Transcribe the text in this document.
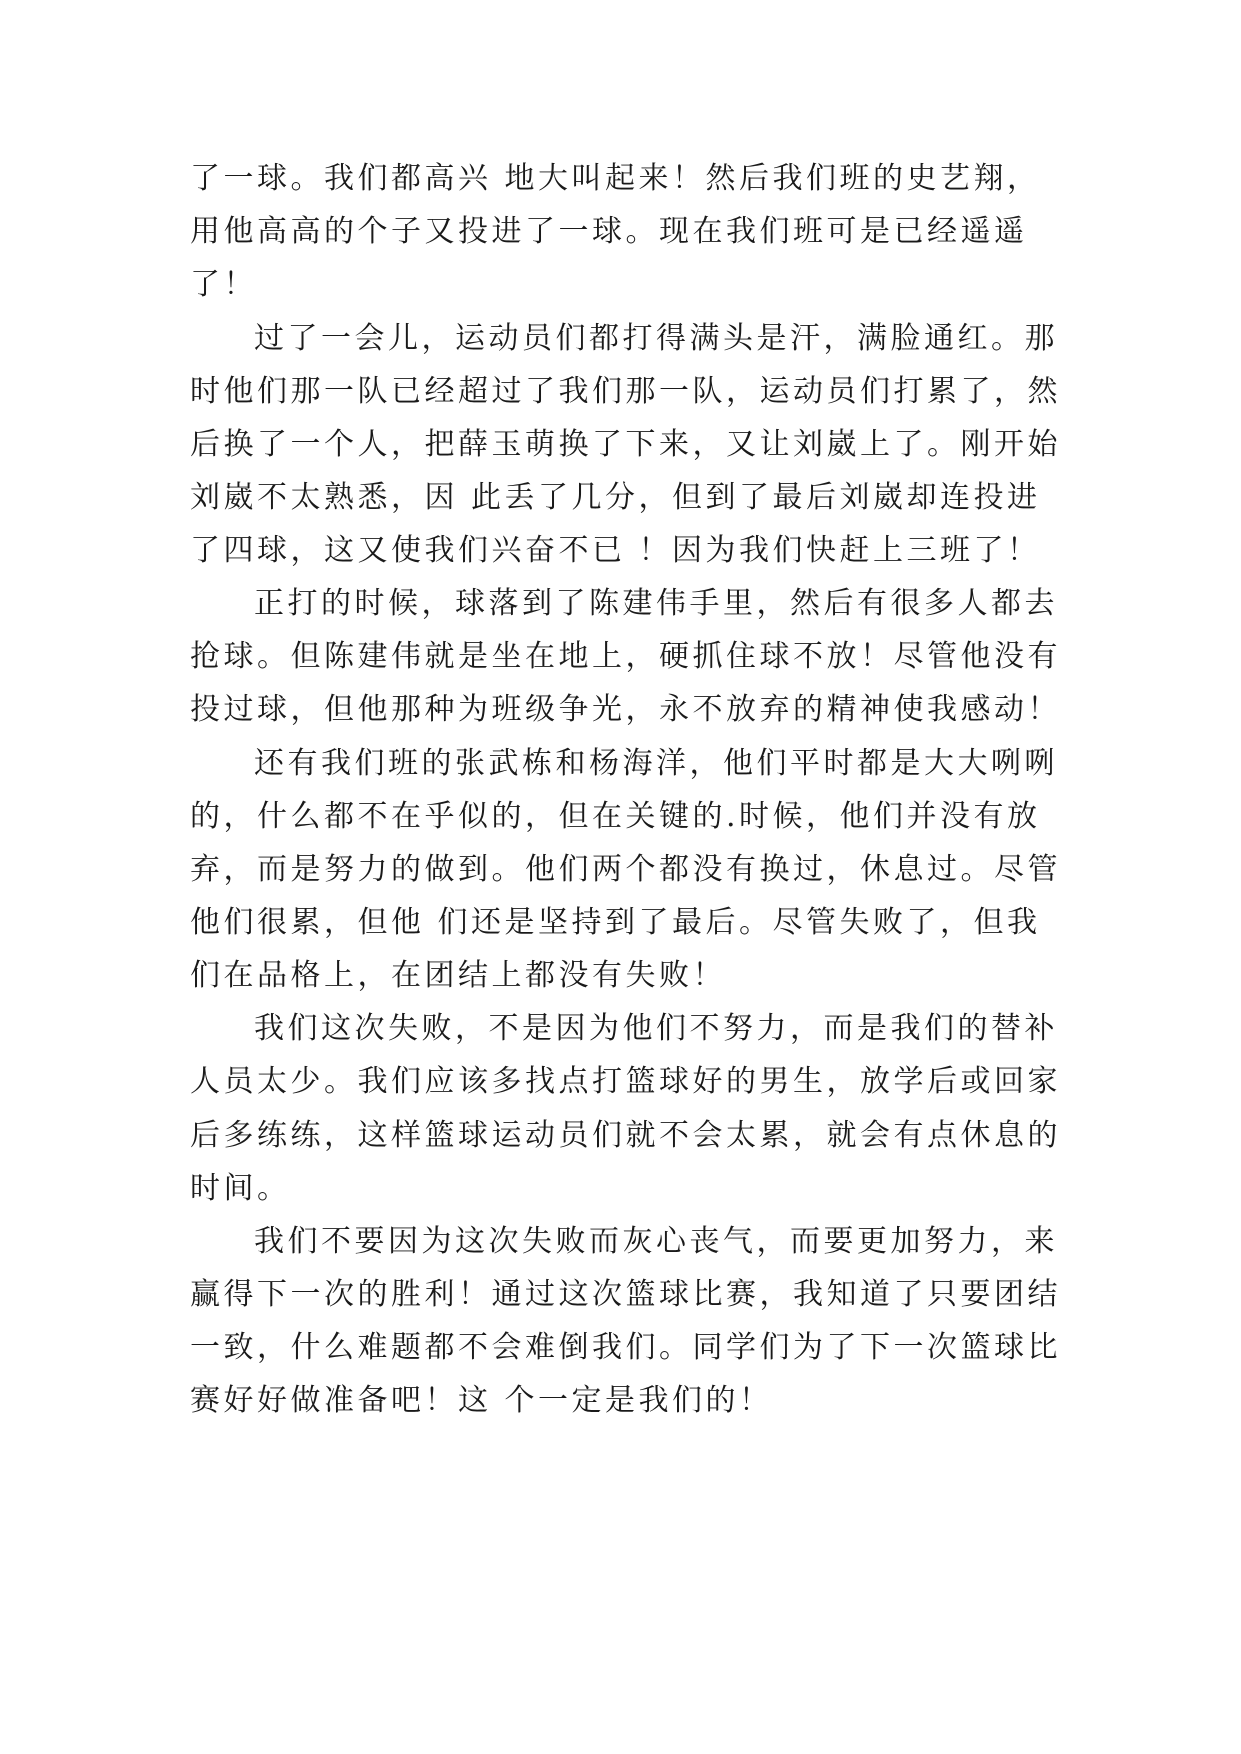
了一球。我们都高兴 地大叫起来！然后我们班的史艺翔，
用他高高的个子又投进了一球。现在我们班可是已经遥遥
了！
过了一会儿，运动员们都打得满头是汗，满脸通红。那
时他们那一队已经超过了我们那一队，运动员们打累了，然
后换了一个人，把薛玉萌换了下来，又让刘崴上了。刚开始
刘崴不太熟悉，因 此丢了几分，但到了最后刘崴却连投进
了四球，这又使我们兴奋不已 ！因为我们快赶上三班了！
正打的时候，球落到了陈建伟手里，然后有很多人都去
抢球。但陈建伟就是坐在地上，硬抓住球不放！尽管他没有
投过球，但他那种为班级争光，永不放弃的精神使我感动！
还有我们班的张武栋和杨海洋，他们平时都是大大咧咧
的，什么都不在乎似的，但在关键的.时候，他们并没有放
弃，而是努力的做到。他们两个都没有换过，休息过。尽管
他们很累，但他 们还是坚持到了最后。尽管失败了，但我
们在品格上，在团结上都没有失败！
我们这次失败，不是因为他们不努力，而是我们的替补
人员太少。我们应该多找点打篮球好的男生，放学后或回家
后多练练，这样篮球运动员们就不会太累，就会有点休息的
时间。
我们不要因为这次失败而灰心丧气，而要更加努力，来
赢得下一次的胜利！通过这次篮球比赛，我知道了只要团结
一致，什么难题都不会难倒我们。同学们为了下一次篮球比
赛好好做准备吧！这 个一定是我们的！
